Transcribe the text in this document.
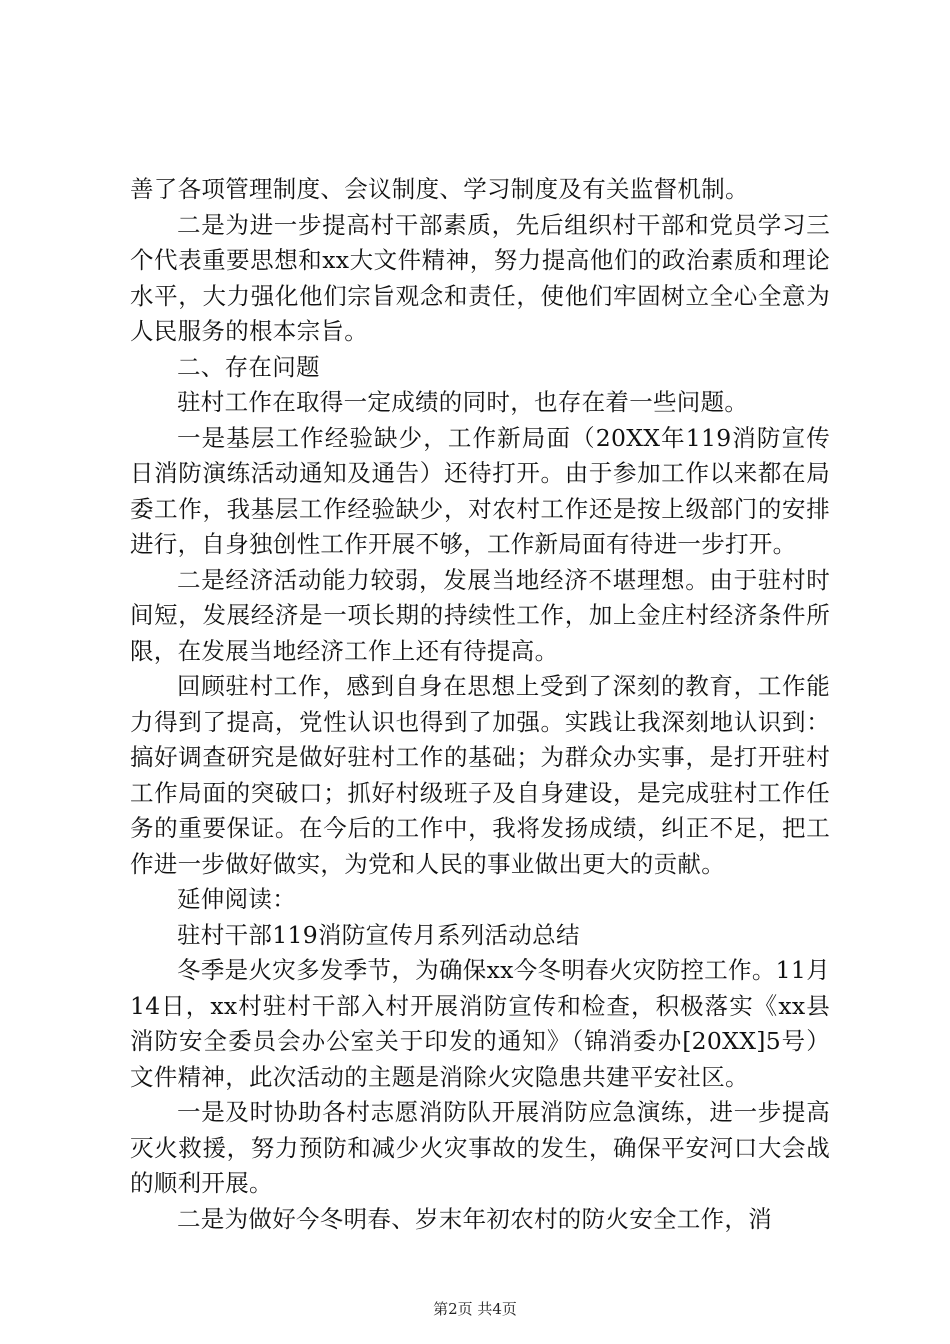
善了各项管理制度、会议制度、学习制度及有关监督机制。

二是为进一步提高村干部素质，先后组织村干部和党员学习三个代表重要思想和xx大文件精神，努力提高他们的政治素质和理论水平，大力强化他们宗旨观念和责任，使他们牢固树立全心全意为人民服务的根本宗旨。

二、存在问题

驻村工作在取得一定成绩的同时，也存在着一些问题。

一是基层工作经验缺少，工作新局面（20XX年119消防宣传日消防演练活动通知及通告）还待打开。由于参加工作以来都在局委工作，我基层工作经验缺少，对农村工作还是按上级部门的安排进行，自身独创性工作开展不够，工作新局面有待进一步打开。

二是经济活动能力较弱，发展当地经济不堪理想。由于驻村时间短，发展经济是一项长期的持续性工作，加上金庄村经济条件所限，在发展当地经济工作上还有待提高。

回顾驻村工作，感到自身在思想上受到了深刻的教育，工作能力得到了提高，党性认识也得到了加强。实践让我深刻地认识到：搞好调查研究是做好驻村工作的基础；为群众办实事，是打开驻村工作局面的突破口；抓好村级班子及自身建设，是完成驻村工作任务的重要保证。在今后的工作中，我将发扬成绩，纠正不足，把工作进一步做好做实，为党和人民的事业做出更大的贡献。

延伸阅读：

驻村干部119消防宣传月系列活动总结

冬季是火灾多发季节，为确保xx今冬明春火灾防控工作。11月14日，xx村驻村干部入村开展消防宣传和检查，积极落实《xx县消防安全委员会办公室关于印发的通知》（锦消委办[20XX]5号）文件精神，此次活动的主题是消除火灾隐患共建平安社区。

一是及时协助各村志愿消防队开展消防应急演练，进一步提高灭火救援，努力预防和减少火灾事故的发生，确保平安河口大会战的顺利开展。

二是为做好今冬明春、岁末年初农村的防火安全工作，消

第2页 共4页
